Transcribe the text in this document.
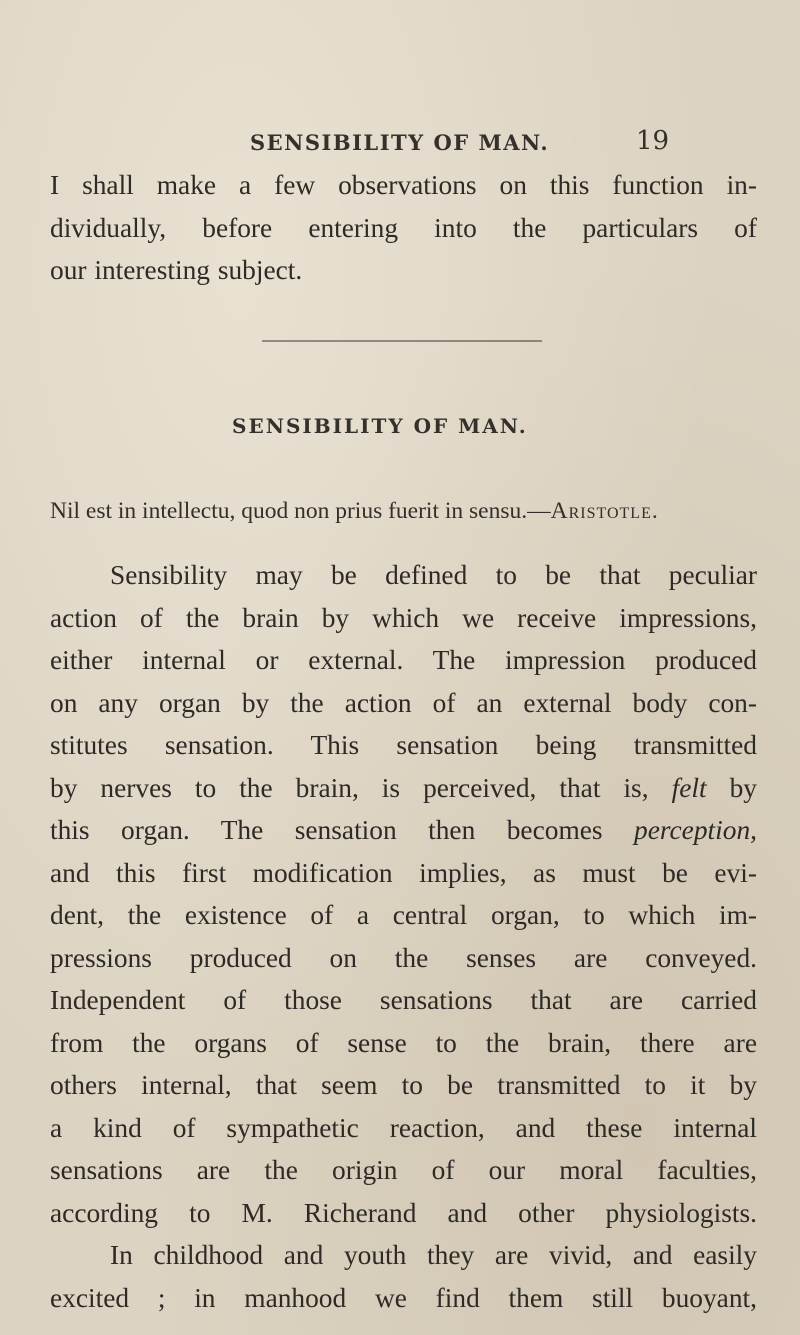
SENSIBILITY OF MAN.	19
I shall make a few observations on this function in-
dividually, before entering into the particulars of
our interesting subject.
SENSIBILITY OF MAN.
Nil est in intellectu, quod non prius fuerit in sensu.—Aristotle.
Sensibility may be defined to be that peculiar
action of the brain by which we receive impressions,
either internal or external. The impression produced
on any organ by the action of an external body con-
stitutes sensation. This sensation being transmitted
by nerves to the brain, is perceived, that is, felt by
this organ. The sensation then becomes perception,
and this first modification implies, as must be evi-
dent, the existence of a central organ, to which im-
pressions produced on the senses are conveyed.
Independent of those sensations that are carried
from the organs of sense to the brain, there are
others internal, that seem to be transmitted to it by
a kind of sympathetic reaction, and these internal
sensations are the origin of our moral faculties,
according to M. Richerand and other physiologists.
In childhood and youth they are vivid, and easily
excited ; in manhood we find them still buoyant,
